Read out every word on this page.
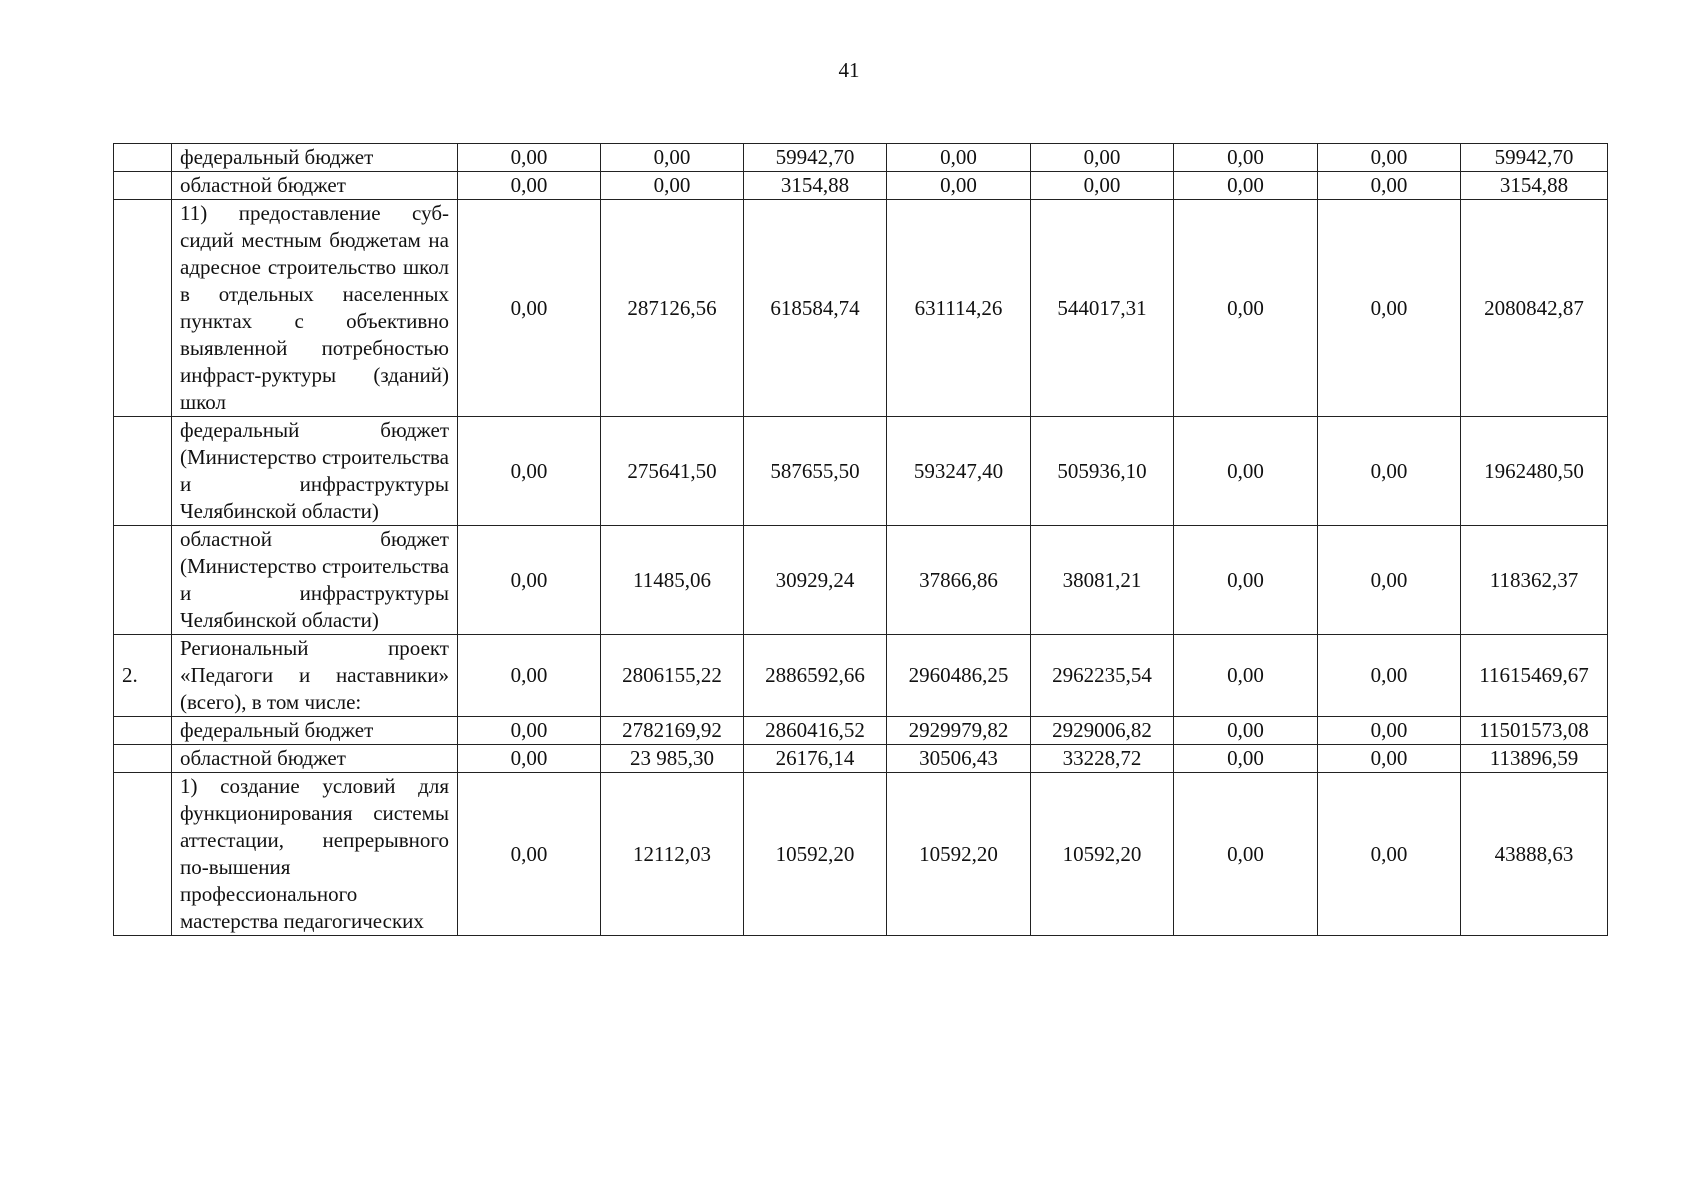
41
	федеральный бюджет	0,00	0,00	59942,70	0,00	0,00	0,00	0,00	59942,70
	областной бюджет	0,00	0,00	3154,88	0,00	0,00	0,00	0,00	3154,88
	11) предоставление суб-сидий местным бюджетам на адресное строительство школ в отдельных населенных пунктах с объективно выявленной потребностью инфраст-руктуры (зданий) школ	0,00	287126,56	618584,74	631114,26	544017,31	0,00	0,00	2080842,87
	федеральный бюджет (Министерство строительства и инфраструктуры Челябинской области)	0,00	275641,50	587655,50	593247,40	505936,10	0,00	0,00	1962480,50
	областной бюджет (Министерство строительства и инфраструктуры Челябинской области)	0,00	11485,06	30929,24	37866,86	38081,21	0,00	0,00	118362,37
2.	Региональный проект «Педагоги и наставники» (всего), в том числе:	0,00	2806155,22	2886592,66	2960486,25	2962235,54	0,00	0,00	11615469,67
	федеральный бюджет	0,00	2782169,92	2860416,52	2929979,82	2929006,82	0,00	0,00	11501573,08
	областной бюджет	0,00	23 985,30	26176,14	30506,43	33228,72	0,00	0,00	113896,59
	1) создание условий для функционирования системы аттестации, непрерывного по-вышения профессионального мастерства педагогических	0,00	12112,03	10592,20	10592,20	10592,20	0,00	0,00	43888,63
